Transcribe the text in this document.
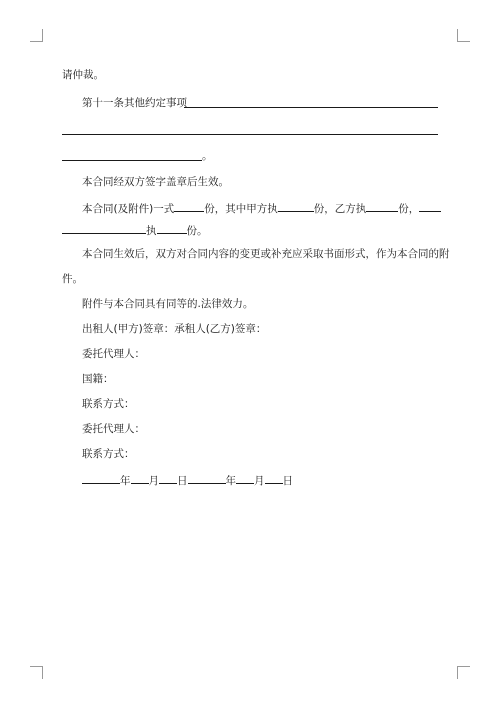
请仲裁。
第十一条其他约定事项
。
本合同经双方签字盖章后生效。
本合同(及附件)一式	份，其中甲方执	份，乙方执	份，
执	份。
本合同生效后，双方对合同内容的变更或补充应采取书面形式，作为本合同的附
件。
附件与本合同具有同等的.法律效力。
出租人(甲方)签章：承租人(乙方)签章：
委托代理人：
国籍：
联系方式：
委托代理人：
联系方式：
年 月 日	年 月 日
